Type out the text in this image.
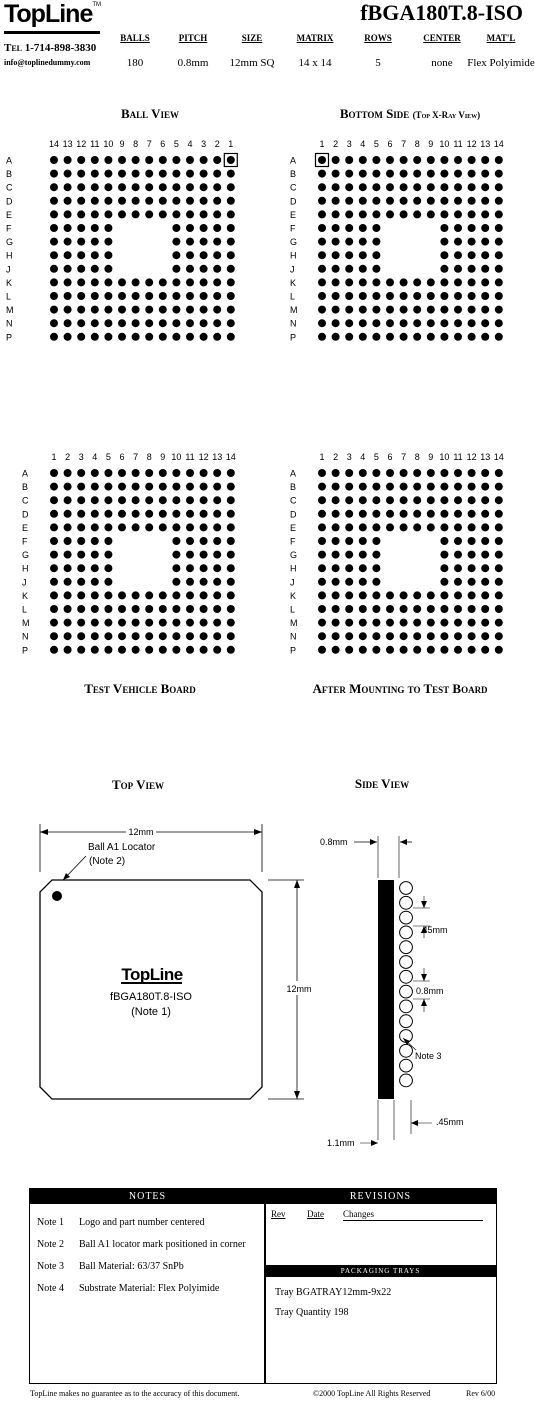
TopLine™
Tel 1-714-898-3830
info@toplinedummy.com
fBGA180T.8-ISO
BALLS
180
PITCH
0.8mm
SIZE
12mm SQ
MATRIX
14 x 14
ROWS
5
CENTER
none
MAT'L
Flex Polyimide
Ball View	Bottom Side (Top X-Ray View)
14 13 12 11 10 9 8 7 6 5 4 3 2 1
A
B
C
D
E
F
G
H
J
K
L
M
N
P
1 2 3 4 5 6 7 8 9 10 11 12 13 14
A
B
C
D
E
F
G
H
J
K
L
M
N
P
1 2 3 4 5 6 7 8 9 10 11 12 13 14
A
B
C
D
E
F
G
H
J
K
L
M
N
P
1 2 3 4 5 6 7 8 9 10 11 12 13 14
A
B
C
D
E
F
G
H
J
K
L
M
N
P
Test Vehicle Board	After Mounting to Test Board
Top View	Side View
12mm
Ball A1 Locator
(Note 2)
TopLine
fBGA180T.8-ISO
(Note 1)
12mm
0.8mm
.45mm
0.8mm
Note 3
1.1mm
.45mm
NOTES
Note 1 Logo and part number centered
Note 2 Ball A1 locator mark positioned in corner
Note 3 Ball Material: 63/37 SnPb
Note 4 Substrate Material: Flex Polyimide
REVISIONS
Rev Date Changes
PACKAGING TRAYS
Tray BGATRAY12mm-9x22
Tray Quantity 198
TopLine makes no guarantee as to the accuracy of this document.	©2000 TopLine All Rights Reserved	Rev 6/00
